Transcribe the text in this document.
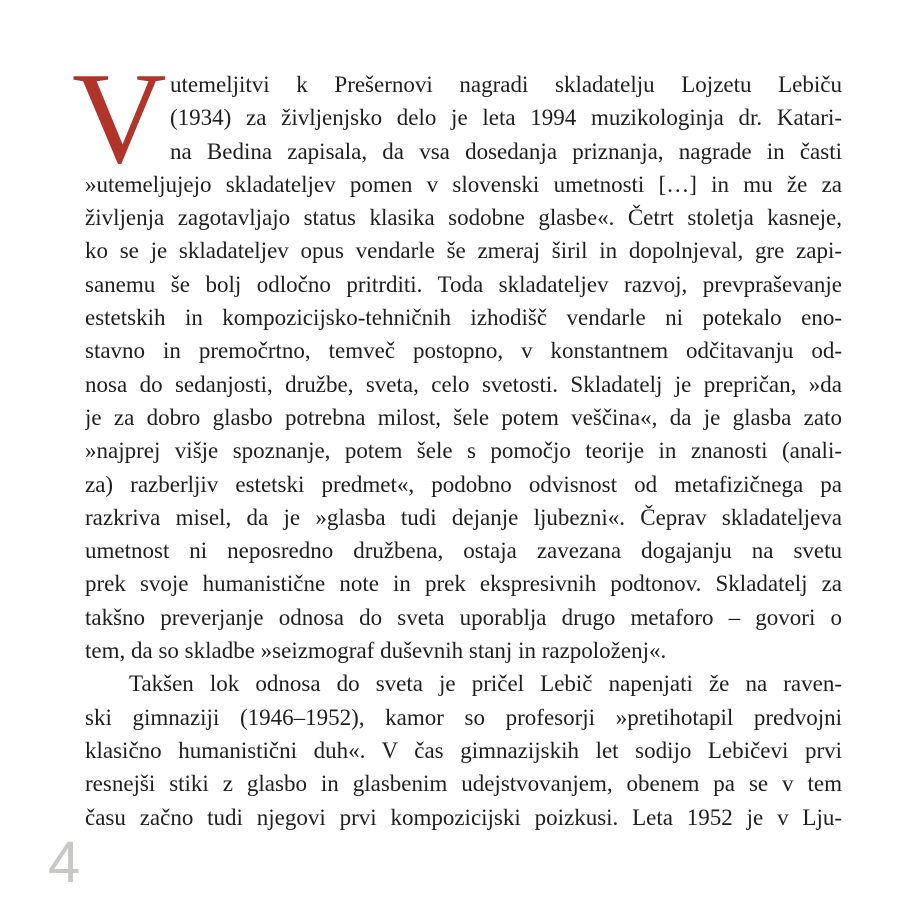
V utemeljitvi k Prešernovi nagradi skladatelju Lojzetu Lebiču
(1934) za življenjsko delo je leta 1994 muzikologinja dr. Katari-
na Bedina zapisala, da vsa dosedanja priznanja, nagrade in časti
»utemeljujejo skladateljev pomen v slovenski umetnosti […] in mu že za
življenja zagotavljajo status klasika sodobne glasbe«. Četrt stoletja kasneje,
ko se je skladateljev opus vendarle še zmeraj širil in dopolnjeval, gre zapi-
sanemu še bolj odločno pritrditi. Toda skladateljev razvoj, prevpraševanje
estetskih in kompozicijsko-tehničnih izhodišč vendarle ni potekalo eno-
stavno in premočrtno, temveč postopno, v konstantnem odčitavanju od-
nosa do sedanjosti, družbe, sveta, celo svetosti. Skladatelj je prepričan, »da
je za dobro glasbo potrebna milost, šele potem veščina«, da je glasba zato
»najprej višje spoznanje, potem šele s pomočjo teorije in znanosti (anali-
za) razberljiv estetski predmet«, podobno odvisnost od metafizičnega pa
razkriva misel, da je »glasba tudi dejanje ljubezni«. Čeprav skladateljeva
umetnost ni neposredno družbena, ostaja zavezana dogajanju na svetu
prek svoje humanistične note in prek ekspresivnih podtonov. Skladatelj za
takšno preverjanje odnosa do sveta uporablja drugo metaforo – govori o
tem, da so skladbe »seizmograf duševnih stanj in razpoloženj«.
Takšen lok odnosa do sveta je pričel Lebič napenjati že na raven-
ski gimnaziji (1946–1952), kamor so profesorji »pretihotapil predvojni
klasično humanistični duh«. V čas gimnazijskih let sodijo Lebičevi prvi
resnejši stiki z glasbo in glasbenim udejstvovanjem, obenem pa se v tem
času začno tudi njegovi prvi kompozicijski poizkusi. Leta 1952 je v Lju-
4
